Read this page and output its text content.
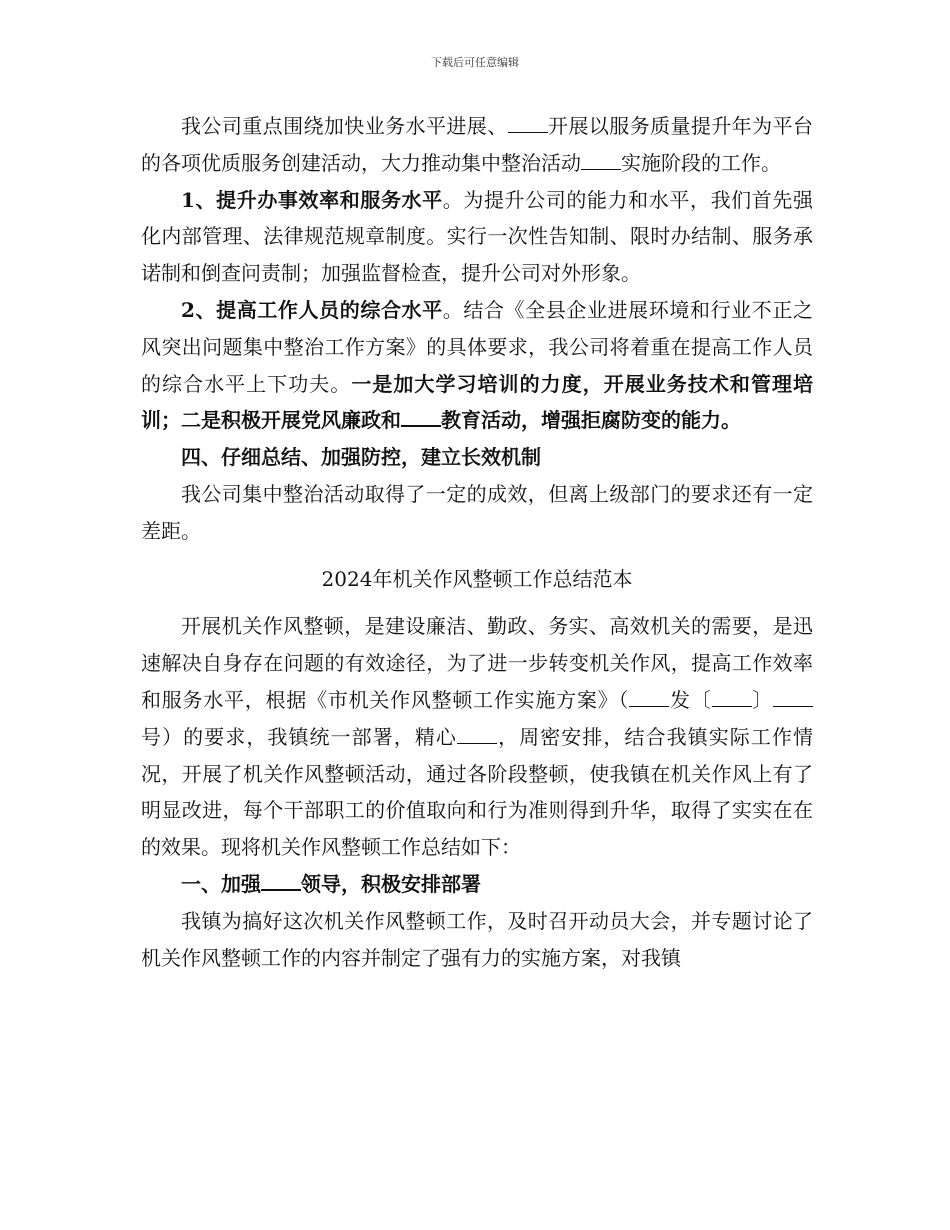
下载后可任意编辑

我公司重点围绕加快业务水平进展、 开展以服务质量提升年为平台的各项优质服务创建活动，大力推动集中整治活动 实施阶段的工作。

1、提升办事效率和服务水平。为提升公司的能力和水平，我们首先强化内部管理、法律规范规章制度。实行一次性告知制、限时办结制、服务承诺制和倒查问责制；加强监督检查，提升公司对外形象。

2、提高工作人员的综合水平。结合《全县企业进展环境和行业不正之风突出问题集中整治工作方案》的具体要求，我公司将着重在提高工作人员的综合水平上下功夫。一是加大学习培训的力度，开展业务技术和管理培训；二是积极开展党风廉政和 教育活动，增强拒腐防变的能力。

四、仔细总结、加强防控，建立长效机制

我公司集中整治活动取得了一定的成效，但离上级部门的要求还有一定差距。

2024年机关作风整顿工作总结范本

开展机关作风整顿，是建设廉洁、勤政、务实、高效机关的需要，是迅速解决自身存在问题的有效途径，为了进一步转变机关作风，提高工作效率和服务水平，根据《市机关作风整顿工作实施方案》（ 发〔 〕号）的要求，我镇统一部署，精心 ，周密安排，结合我镇实际工作情况，开展了机关作风整顿活动，通过各阶段整顿，使我镇在机关作风上有了明显改进，每个干部职工的价值取向和行为准则得到升华，取得了实实在在的效果。现将机关作风整顿工作总结如下：

一、加强 领导，积极安排部署

我镇为搞好这次机关作风整顿工作，及时召开动员大会，并专题讨论了机关作风整顿工作的内容并制定了强有力的实施方案，对我镇
